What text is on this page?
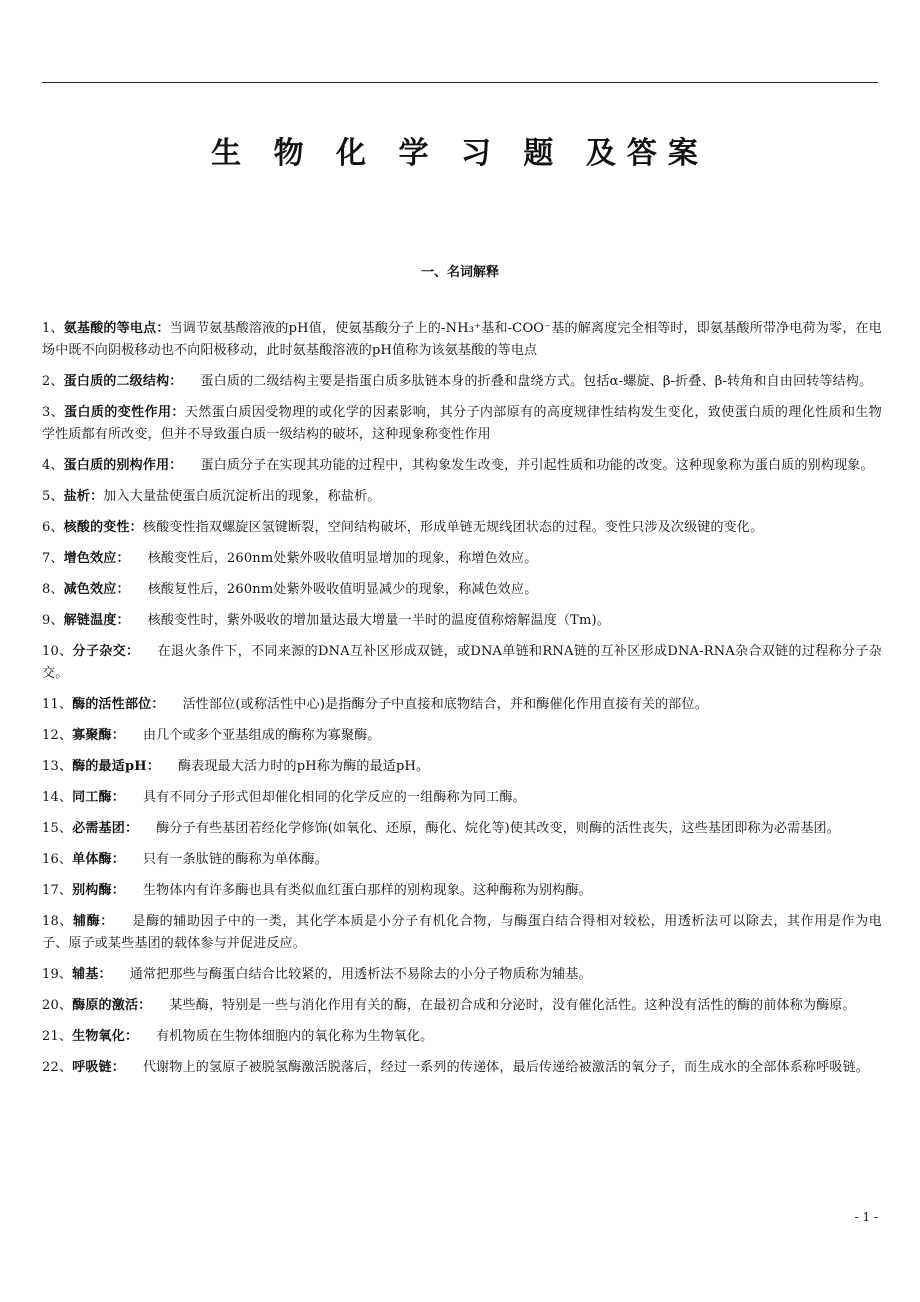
生 物 化 学 习 题 及答案
一、名词解释

1、氨基酸的等电点：当调节氨基酸溶液的pH值，使氨基酸分子上的-NH₃⁺基和-COO⁻基的解离度完全相等时，即氨基酸所带净电荷为零，在电场中既不向阴极移动也不向阳极移动，此时氨基酸溶液的pH值称为该氨基酸的等电点

2、蛋白质的二级结构： 蛋白质的二级结构主要是指蛋白质多肽链本身的折叠和盘绕方式。包括α-螺旋、β-折叠、β-转角和自由回转等结构。

3、蛋白质的变性作用：天然蛋白质因受物理的或化学的因素影响，其分子内部原有的高度规律性结构发生变化，致使蛋白质的理化性质和生物学性质都有所改变，但并不导致蛋白质一级结构的破坏，这种现象称变性作用

4、蛋白质的别构作用： 蛋白质分子在实现其功能的过程中，其构象发生改变，并引起性质和功能的改变。这种现象称为蛋白质的别构现象。

5、盐析：加入大量盐使蛋白质沉淀析出的现象，称盐析。

6、核酸的变性：核酸变性指双螺旋区氢键断裂，空间结构破坏，形成单链无规线团状态的过程。变性只涉及次级键的变化。

7、增色效应： 核酸变性后，260nm处紫外吸收值明显增加的现象，称增色效应。

8、减色效应： 核酸复性后，260nm处紫外吸收值明显减少的现象，称减色效应。

9、解链温度： 核酸变性时，紫外吸收的增加量达最大增量一半时的温度值称熔解温度（Tm)。

10、分子杂交： 在退火条件下，不同来源的DNA互补区形成双链，或DNA单链和RNA链的互补区形成DNA-RNA杂合双链的过程称分子杂交。

11、酶的活性部位： 活性部位(或称活性中心)是指酶分子中直接和底物结合，并和酶催化作用直接有关的部位。

12、寡聚酶： 由几个或多个亚基组成的酶称为寡聚酶。

13、酶的最适pH： 酶表现最大活力时的pH称为酶的最适pH。

14、同工酶： 具有不同分子形式但却催化相同的化学反应的一组酶称为同工酶。

15、必需基团： 酶分子有些基团若经化学修饰(如氧化、还原，酶化、烷化等)使其改变，则酶的活性丧失，这些基团即称为必需基团。

16、单体酶： 只有一条肽链的酶称为单体酶。

17、别构酶： 生物体内有许多酶也具有类似血红蛋白那样的别构现象。这种酶称为别构酶。

18、辅酶： 是酶的辅助因子中的一类，其化学本质是小分子有机化合物，与酶蛋白结合得相对较松，用透析法可以除去，其作用是作为电子、原子或某些基团的载体参与并促进反应。

19、辅基： 通常把那些与酶蛋白结合比较紧的，用透析法不易除去的小分子物质称为辅基。

20、酶原的激活： 某些酶，特别是一些与消化作用有关的酶，在最初合成和分泌时，没有催化活性。这种没有活性的酶的前体称为酶原。

21、生物氧化： 有机物质在生物体细胞内的氧化称为生物氧化。

22、呼吸链： 代谢物上的氢原子被脱氢酶激活脱落后，经过一系列的传递体，最后传递给被激活的氧分子，而生成水的全部体系称呼吸链。

- 1 -
